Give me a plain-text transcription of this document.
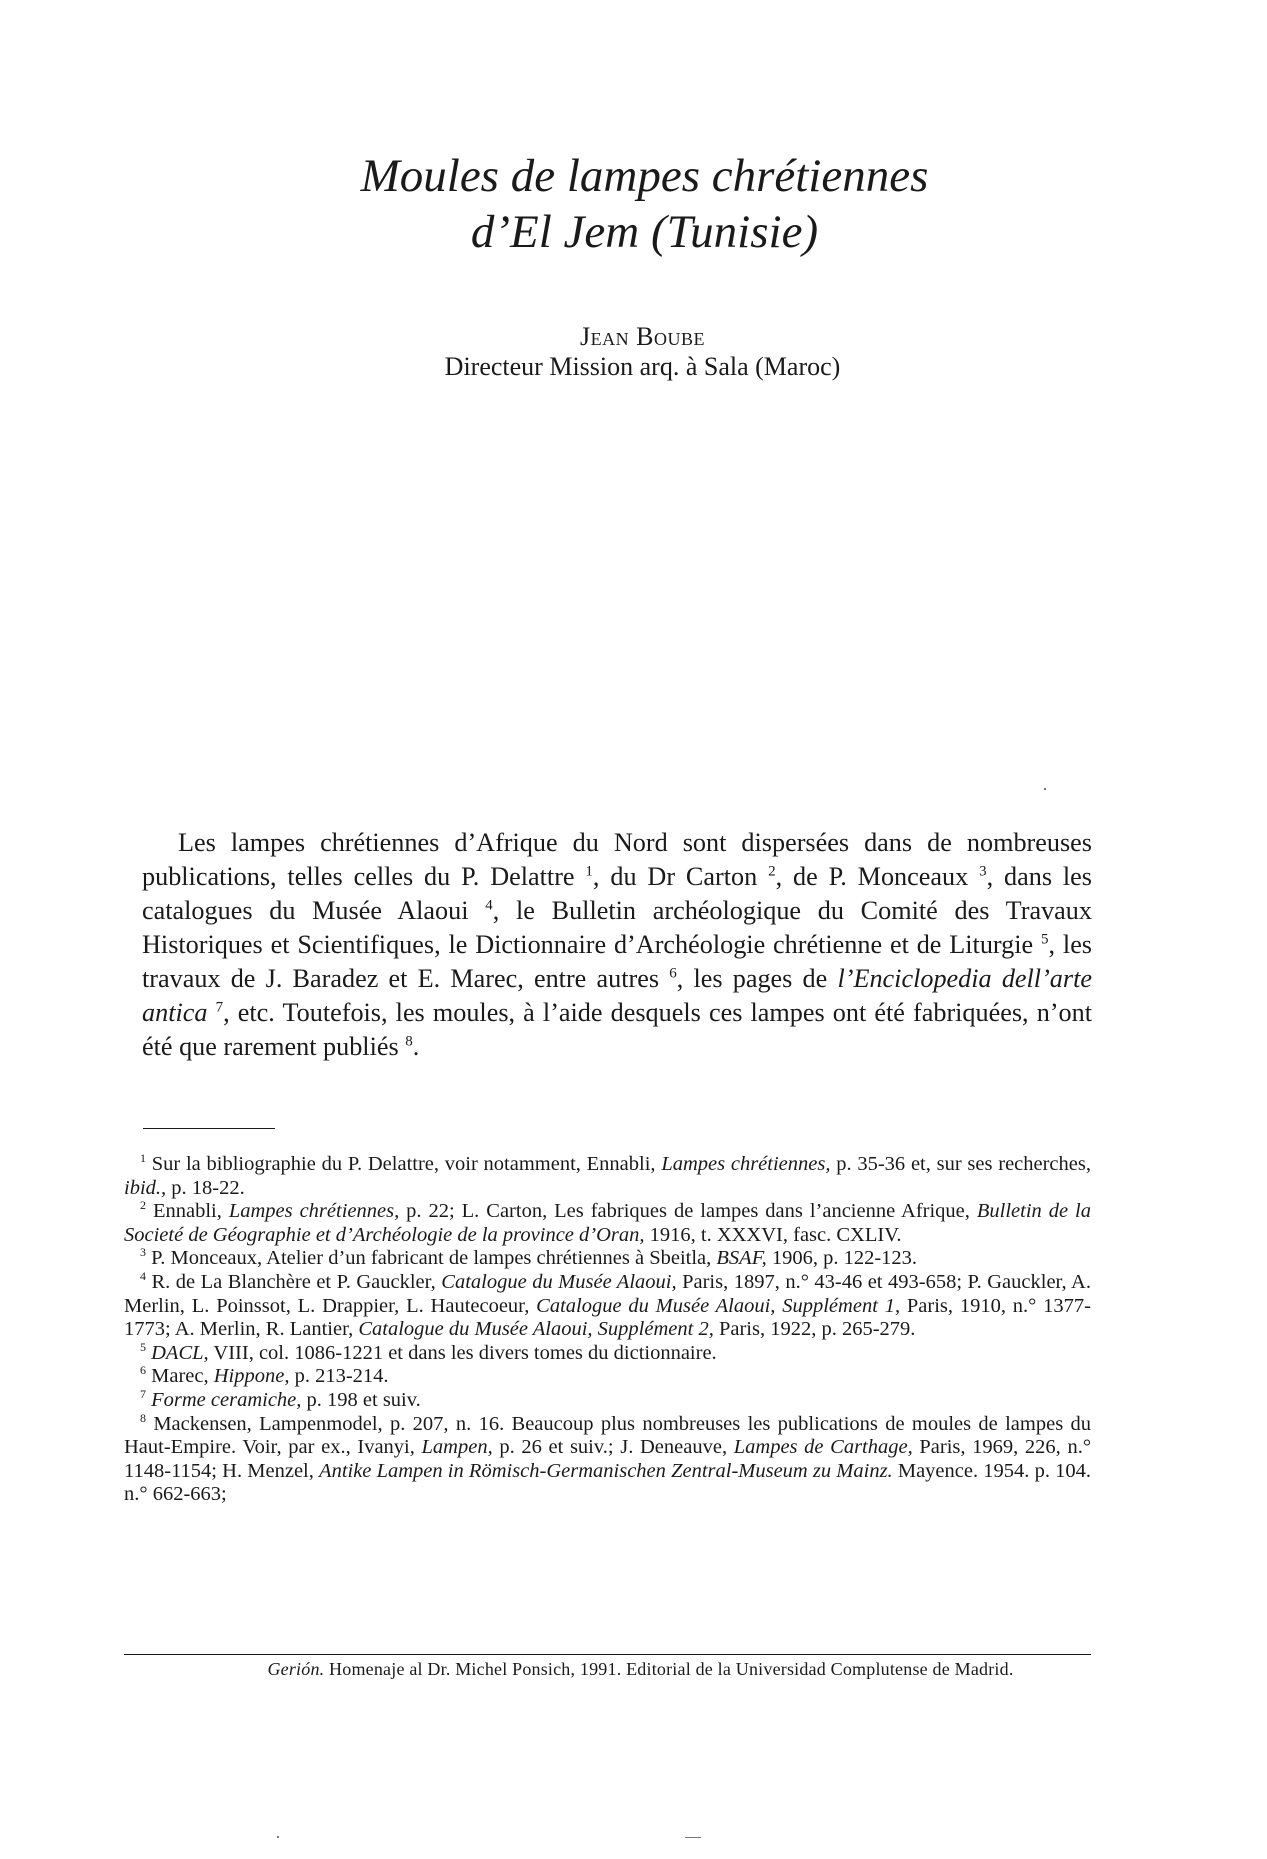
Moules de lampes chrétiennes
d’El Jem (Tunisie)
Jean Boube
Directeur Mission arq. à Sala (Maroc)

Les lampes chrétiennes d’Afrique du Nord sont dispersées dans de nombreuses publications, telles celles du P. Delattre $^1$, du Dr Carton $^2$, de P. Monceaux $^3$, dans les catalogues du Musée Alaoui $^4$, le Bulletin archéologique du Comité des Travaux Historiques et Scientifiques, le Dictionnaire d’Archéologie chrétienne et de Liturgie $^5$, les travaux de J. Baradez et E. Marec, entre autres $^6$, les pages de l’Enciclopedia dell’arte antica $^7$, etc. Toutefois, les moules, à l’aide desquels ces lampes ont été fabriquées, n’ont été que rarement publiés $^8$.

$^1$ Sur la bibliographie du P. Delattre, voir notamment, Ennabli, Lampes chrétiennes, p. 35-36 et, sur ses recherches, ibid., p. 18-22.

$^2$ Ennabli, Lampes chrétiennes, p. 22; L. Carton, Les fabriques de lampes dans l’ancienne Afrique, Bulletin de la Societé de Géographie et d’Archéologie de la province d’Oran, 1916, t. XXXVI, fasc. CXLIV.

$^3$ P. Monceaux, Atelier d’un fabricant de lampes chrétiennes à Sbeitla, BSAF, 1906, p. 122-123.

$^4$ R. de La Blanchère et P. Gauckler, Catalogue du Musée Alaoui, Paris, 1897, n.° 43-46 et 493-658; P. Gauckler, A. Merlin, L. Poinssot, L. Drappier, L. Hautecoeur, Catalogue du Musée Alaoui, Supplément 1, Paris, 1910, n.° 1377-1773; A. Merlin, R. Lantier, Catalogue du Musée Alaoui, Supplément 2, Paris, 1922, p. 265-279.

$^5$ DACL, VIII, col. 1086-1221 et dans les divers tomes du dictionnaire.

$^6$ Marec, Hippone, p. 213-214.

$^7$ Forme ceramiche, p. 198 et suiv.

$^8$ Mackensen, Lampenmodel, p. 207, n. 16. Beaucoup plus nombreuses les publications de moules de lampes du Haut-Empire. Voir, par ex., Ivanyi, Lampen, p. 26 et suiv.; J. Deneauve, Lampes de Carthage, Paris, 1969, 226, n.° 1148-1154; H. Menzel, Antike Lampen in Römisch-Germanischen Zentral-Museum zu Mainz. Mayence. 1954. p. 104. n.° 662-663;

Gerión. Homenaje al Dr. Michel Ponsich, 1991. Editorial de la Universidad Complutense de Madrid.
